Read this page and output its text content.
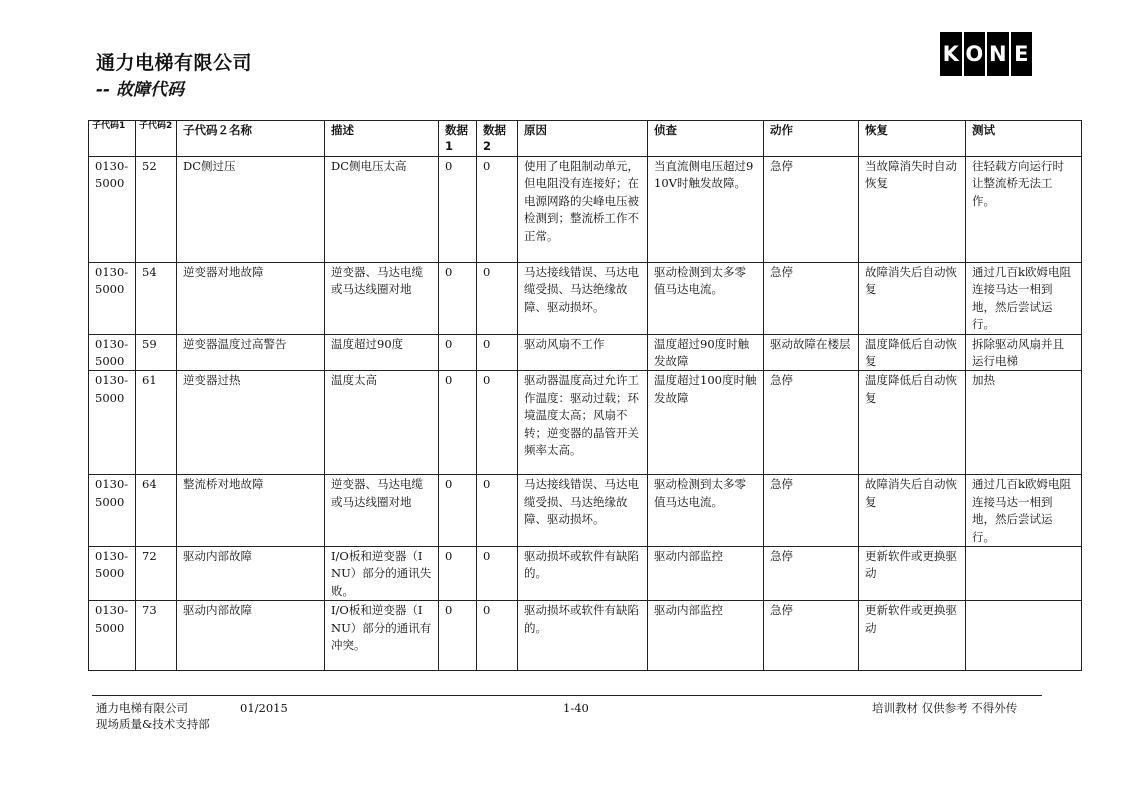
通力电梯有限公司
-- 故障代码
K O N E
子代码1	子代码2	子代码２名称	描述	数据1	数据2	原因	侦查	动作	恢复	测试
0130-5000	52	DC侧过压	DC侧电压太高	0	0	使用了电阻制动单元，但电阻没有连接好；在电源网路的尖峰电压被检测到；整流桥工作不正常。	当直流侧电压超过910V时触发故障。	急停	当故障消失时自动恢复	往轻载方向运行时让整流桥无法工作。
0130-5000	54	逆变器对地故障	逆变器、马达电缆或马达线圈对地	0	0	马达接线错误、马达电缆受损、马达绝缘故障、驱动损坏。	驱动检测到太多零值马达电流。	急停	故障消失后自动恢复	通过几百k欧姆电阻连接马达一相到地，然后尝试运行。
0130-5000	59	逆变器温度过高警告	温度超过90度	0	0	驱动风扇不工作	温度超过90度时触发故障	驱动故障在楼层	温度降低后自动恢复	拆除驱动风扇并且运行电梯
0130-5000	61	逆变器过热	温度太高	0	0	驱动器温度高过允许工作温度：驱动过载；环境温度太高；风扇不转；逆变器的晶管开关频率太高。	温度超过100度时触发故障	急停	温度降低后自动恢复	加热
0130-5000	64	整流桥对地故障	逆变器、马达电缆或马达线圈对地	0	0	马达接线错误、马达电缆受损、马达绝缘故障、驱动损坏。	驱动检测到太多零值马达电流。	急停	故障消失后自动恢复	通过几百k欧姆电阻连接马达一相到地，然后尝试运行。
0130-5000	72	驱动内部故障	I/O板和逆变器（INU）部分的通讯失败。	0	0	驱动损坏或软件有缺陷的。	驱动内部监控	急停	更新软件或更换驱动	
0130-5000	73	驱动内部故障	I/O板和逆变器（INU）部分的通讯有冲突。	0	0	驱动损坏或软件有缺陷的。	驱动内部监控	急停	更新软件或更换驱动	
通力电梯有限公司	01/2015	1-40	培训教材 仅供参考 不得外传
现场质量&技术支持部
